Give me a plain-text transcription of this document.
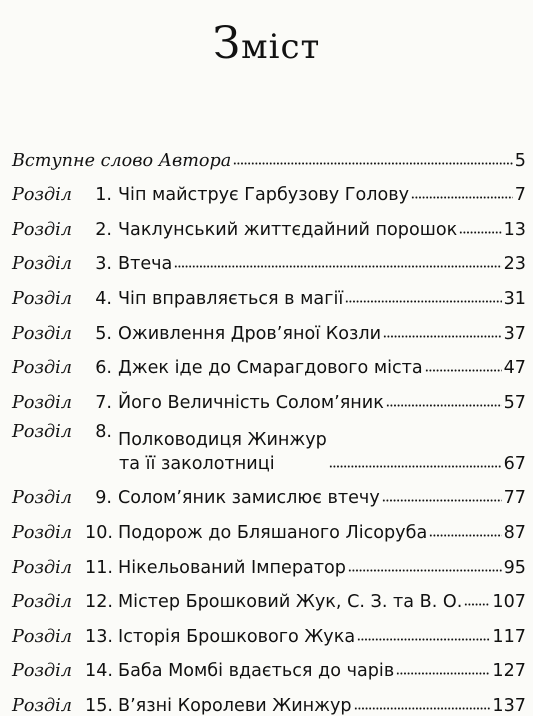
Зміст
Вступне слово Автора	5
Розділ	1. Чіп майструє Гарбузову Голову	7
Розділ	2. Чаклунський життєдайний порошок	13
Розділ	3. Втеча	23
Розділ	4. Чіп вправляється в магії	31
Розділ	5. Оживлення Дров’яної Козли	37
Розділ	6. Джек іде до Смарагдового міста	47
Розділ	7. Його Величність Солом’яник	57
Розділ	8. Полководиця Жинжур
та її заколотниці	67
Розділ	9. Солом’яник замислює втечу	77
Розділ 10. Подорож до Бляшаного Лісоруба	87
Розділ 11. Нікельований Імператор	95
Розділ 12. Містер Брошковий Жук, С. З. та В. О. 107
Розділ 13. Історія Брошкового Жука	117
Розділ 14. Баба Момбі вдається до чарів	127
Розділ 15. В’язні Королеви Жинжур	137
